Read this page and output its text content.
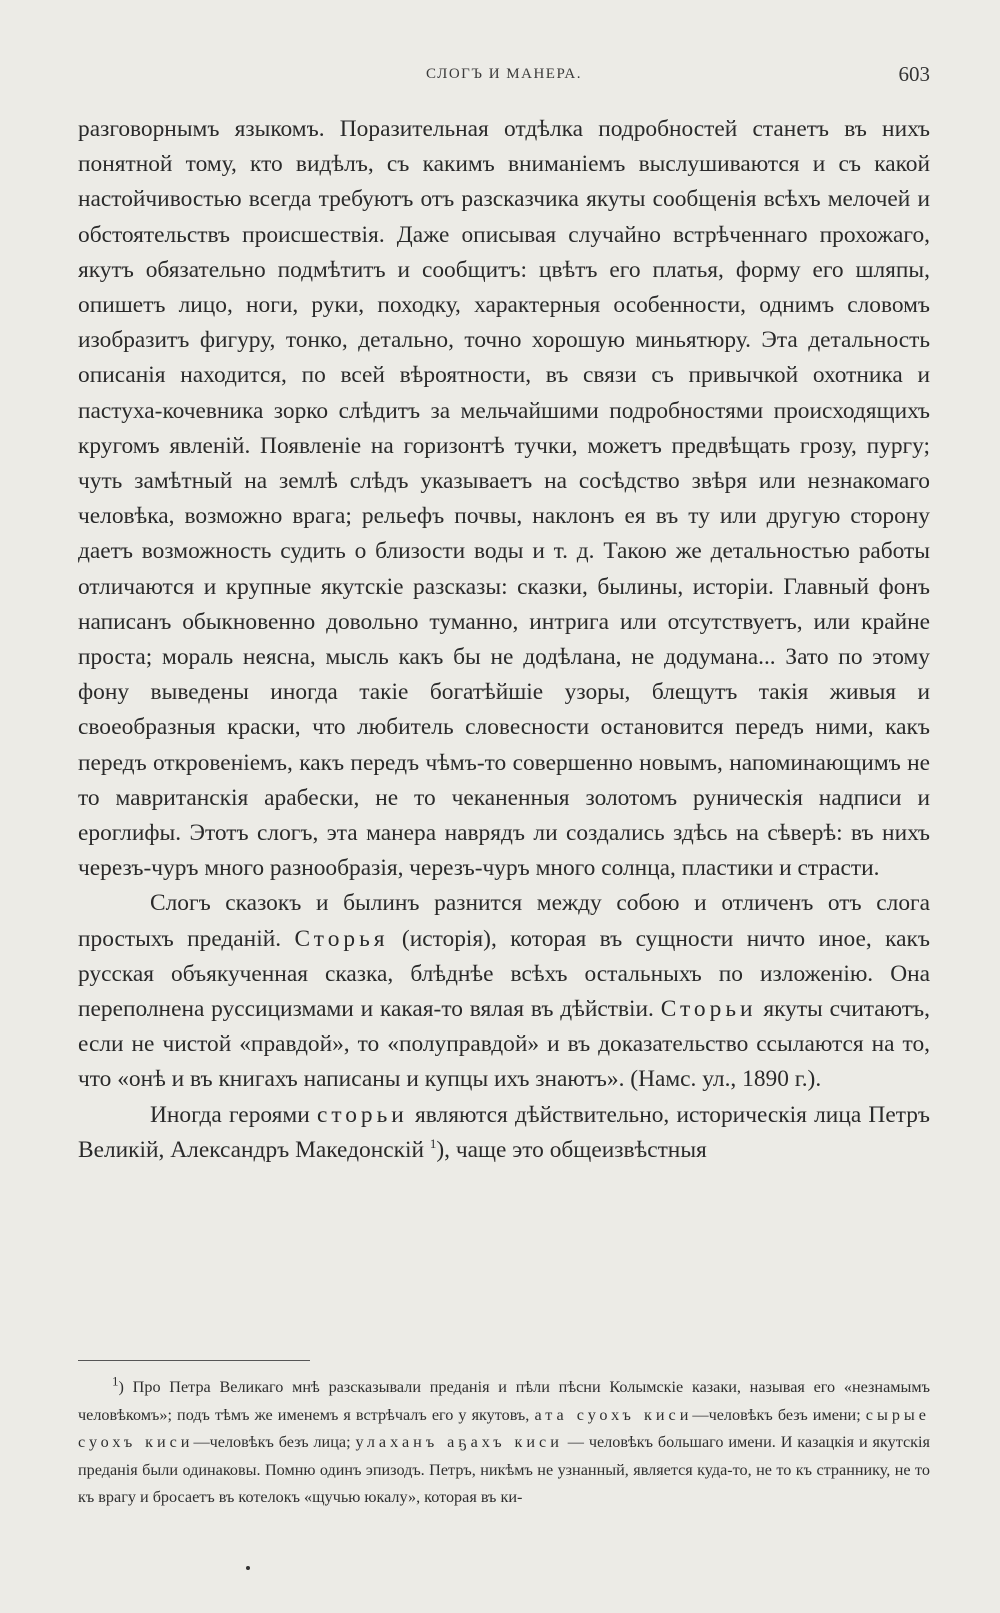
СЛОГЪ И МАНЕРА.	603

разговорнымъ языкомъ. Поразительная отдѣлка подробностей станетъ въ нихъ понятной тому, кто видѣлъ, съ какимъ вниманіемъ выслушиваются и съ какой настойчивостью всегда требуютъ отъ разсказчика якуты сообщенія всѣхъ мелочей и обстоятельствъ происшествія. Даже описывая случайно встрѣченнаго прохожаго, якутъ обязательно подмѣтитъ и сообщитъ: цвѣтъ его платья, форму его шляпы, опишетъ лицо, ноги, руки, походку, характерныя особенности, однимъ словомъ изобразитъ фигуру, тонко, детально, точно хорошую миньятюру. Эта детальность описанія находится, по всей вѣроятности, въ связи съ привычкой охотника и пастуха-кочевника зорко слѣдитъ за мельчайшими подробностями происходящихъ кругомъ явленій. Появленіе на горизонтѣ тучки, можетъ предвѣщать грозу, пургу; чуть замѣтный на землѣ слѣдъ указываетъ на сосѣдство звѣря или незнакомаго человѣка, возможно врага; рельефъ почвы, наклонъ ея въ ту или другую сторону даетъ возможность судить о близости воды и т. д. Такою же детальностью работы отличаются и крупные якутскіе разсказы: сказки, былины, исторіи. Главный фонъ написанъ обыкновенно довольно туманно, интрига или отсутствуетъ, или крайне проста; мораль неясна, мысль какъ бы не додѣлана, не додумана... Зато по этому фону выведены иногда такіе богатѣйшіе узоры, блещутъ такія живыя и своеобразныя краски, что любитель словесности остановится передъ ними, какъ передъ откровеніемъ, какъ передъ чѣмъ-то совершенно новымъ, напоминающимъ не то мавританскія арабески, не то чеканенныя золотомъ руническія надписи и ероглифы. Этотъ слогъ, эта манера наврядъ ли создались здѣсь на сѣверѣ: въ нихъ черезъ-чуръ много разнообразія, черезъ-чуръ много солнца, пластики и страсти.

Слогъ сказокъ и былинъ разнится между собою и отличенъ отъ слога простыхъ преданій. Сторья (исторія), которая въ сущности ничто иное, какъ русская объякученная сказка, блѣднѣе всѣхъ остальныхъ по изложенію. Она переполнена руссицизмами и какая-то вялая въ дѣйствіи. Сторьи якуты считаютъ, если не чистой «правдой», то «полуправдой» и въ доказательство ссылаются на то, что «онѣ и въ книгахъ написаны и купцы ихъ знаютъ». (Намс. ул., 1890 г.).

Иногда героями сторьи являются дѣйствительно, историческія лица Петръ Великій, Александръ Македонскій $^1$), чаще это общеизвѣстныя

$^1$) Про Петра Великаго мнѣ разсказывали преданія и пѣли пѣсни Колымскіе казаки, называя его «незнамымъ человѣкомъ»; подъ тѣмъ же именемъ я встрѣчалъ его у якутовъ, ата суохъ киси—человѣкъ безъ имени; сырые суохъ киси—человѣкъ безъ лица; улаханъ аҕахъ киси — человѣкъ большаго имени. И казацкія и якутскія преданія были одинаковы. Помню одинъ эпизодъ. Петръ, никѣмъ не узнанный, является куда-то, не то къ страннику, не то къ врагу и бросаетъ въ котелокъ «щучью юкалу», которая въ ки-
